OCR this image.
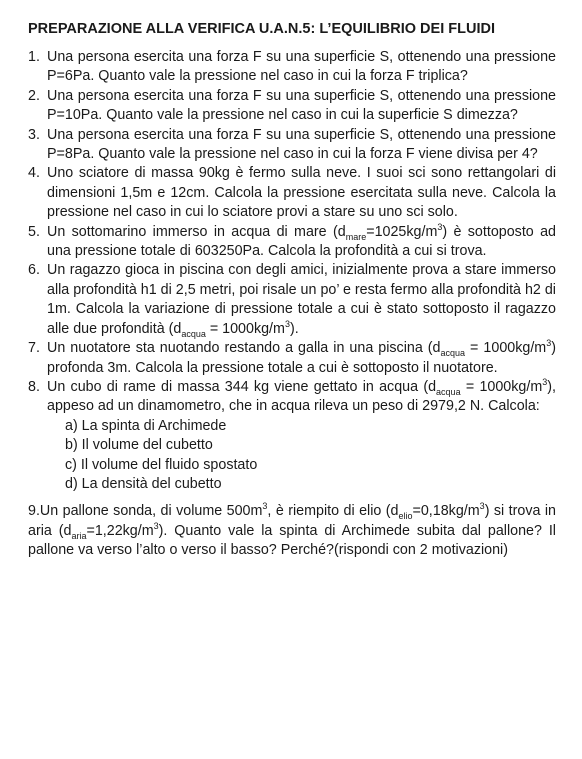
PREPARAZIONE ALLA VERIFICA U.A.N.5: L’EQUILIBRIO DEI FLUIDI
1. Una persona esercita una forza F su una superficie S, ottenendo una pressione P=6Pa. Quanto vale la pressione nel caso in cui la forza F triplica?
2. Una persona esercita una forza F su una superficie S, ottenendo una pressione P=10Pa. Quanto vale la pressione nel caso in cui la superficie S dimezza?
3. Una persona esercita una forza F su una superficie S, ottenendo una pressione P=8Pa. Quanto vale la pressione nel caso in cui la forza F viene divisa per 4?
4. Uno sciatore di massa 90kg è fermo sulla neve. I suoi sci sono rettangolari di dimensioni 1,5m e 12cm. Calcola la pressione esercitata sulla neve. Calcola la pressione nel caso in cui lo sciatore provi a stare su uno sci solo.
5. Un sottomarino immerso in acqua di mare $(d_{mare}=1025kg/m^3)$ è sottoposto ad una pressione totale di 603250Pa. Calcola la profondità a cui si trova.
6. Un ragazzo gioca in piscina con degli amici, inizialmente prova a stare immerso alla profondità h1 di 2,5 metri, poi risale un po’ e resta fermo alla profondità h2 di 1m. Calcola la variazione di pressione totale a cui è stato sottoposto il ragazzo alle due profondità $(d_{acqua} = 1000kg/m^3)$.
7. Un nuotatore sta nuotando restando a galla in una piscina $(d_{acqua} = 1000kg/m^3)$ profonda 3m. Calcola la pressione totale a cui è sottoposto il nuotatore.
8. Un cubo di rame di massa 344 kg viene gettato in acqua $(d_{acqua} = 1000kg/m^3)$, appeso ad un dinamometro, che in acqua rileva un peso di 2979,2 N. Calcola:
a) La spinta di Archimede
b) Il volume del cubetto
c) Il volume del fluido spostato
d) La densità del cubetto

9.Un pallone sonda, di volume $500m^3$, è riempito di elio $(d_{elio}=0,18kg/m^3)$ si trova in aria $(d_{aria}=1,22kg/m^3)$. Quanto vale la spinta di Archimede subita dal pallone? Il pallone va verso l’alto o verso il basso? Perché?(rispondi con 2 motivazioni)
